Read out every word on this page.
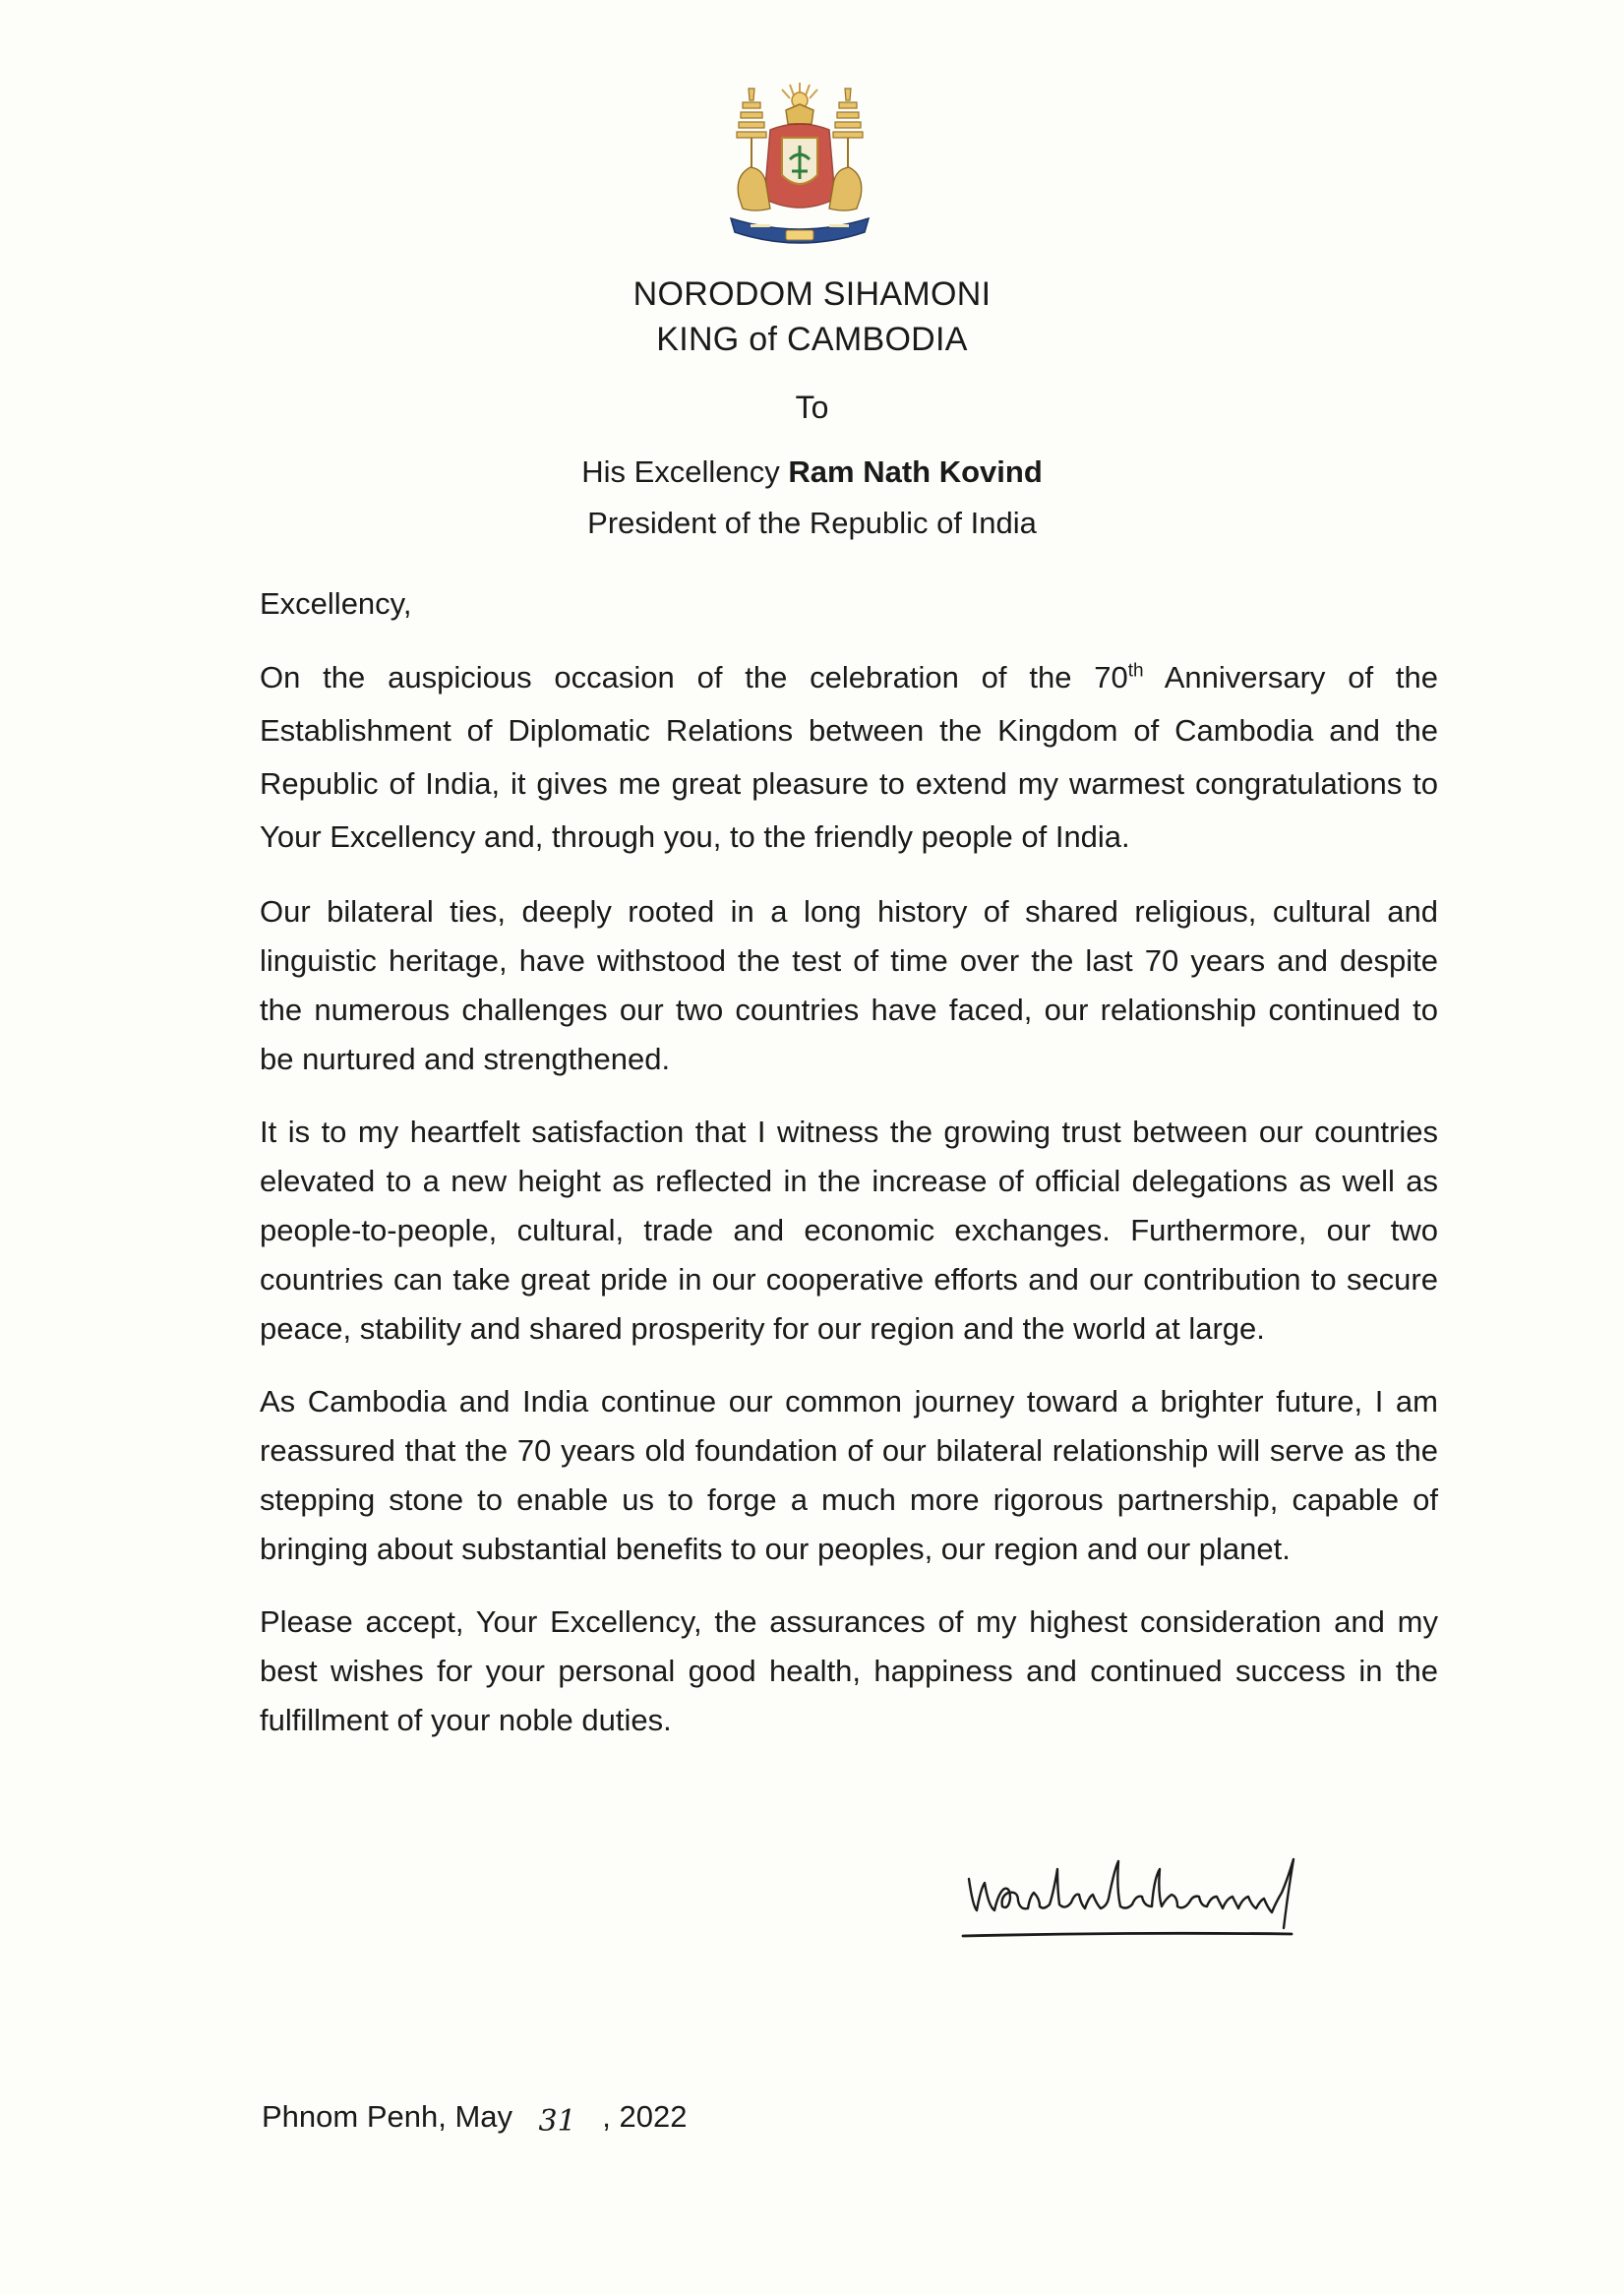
NORODOM SIHAMONI
KING of CAMBODIA
To
His Excellency Ram Nath Kovind
President of the Republic of India
Excellency,

On the auspicious occasion of the celebration of the 70th Anniversary of the Establishment of Diplomatic Relations between the Kingdom of Cambodia and the Republic of India, it gives me great pleasure to extend my warmest congratulations to Your Excellency and, through you, to the friendly people of India.

Our bilateral ties, deeply rooted in a long history of shared religious, cultural and linguistic heritage, have withstood the test of time over the last 70 years and despite the numerous challenges our two countries have faced, our relationship continued to be nurtured and strengthened.

It is to my heartfelt satisfaction that I witness the growing trust between our countries elevated to a new height as reflected in the increase of official delegations as well as people-to-people, cultural, trade and economic exchanges. Furthermore, our two countries can take great pride in our cooperative efforts and our contribution to secure peace, stability and shared prosperity for our region and the world at large.

As Cambodia and India continue our common journey toward a brighter future, I am reassured that the 70 years old foundation of our bilateral relationship will serve as the stepping stone to enable us to forge a much more rigorous partnership, capable of bringing about substantial benefits to our peoples, our region and our planet.

Please accept, Your Excellency, the assurances of my highest consideration and my best wishes for your personal good health, happiness and continued success in the fulfillment of your noble duties.

Phnom Penh, May 31 , 2022
